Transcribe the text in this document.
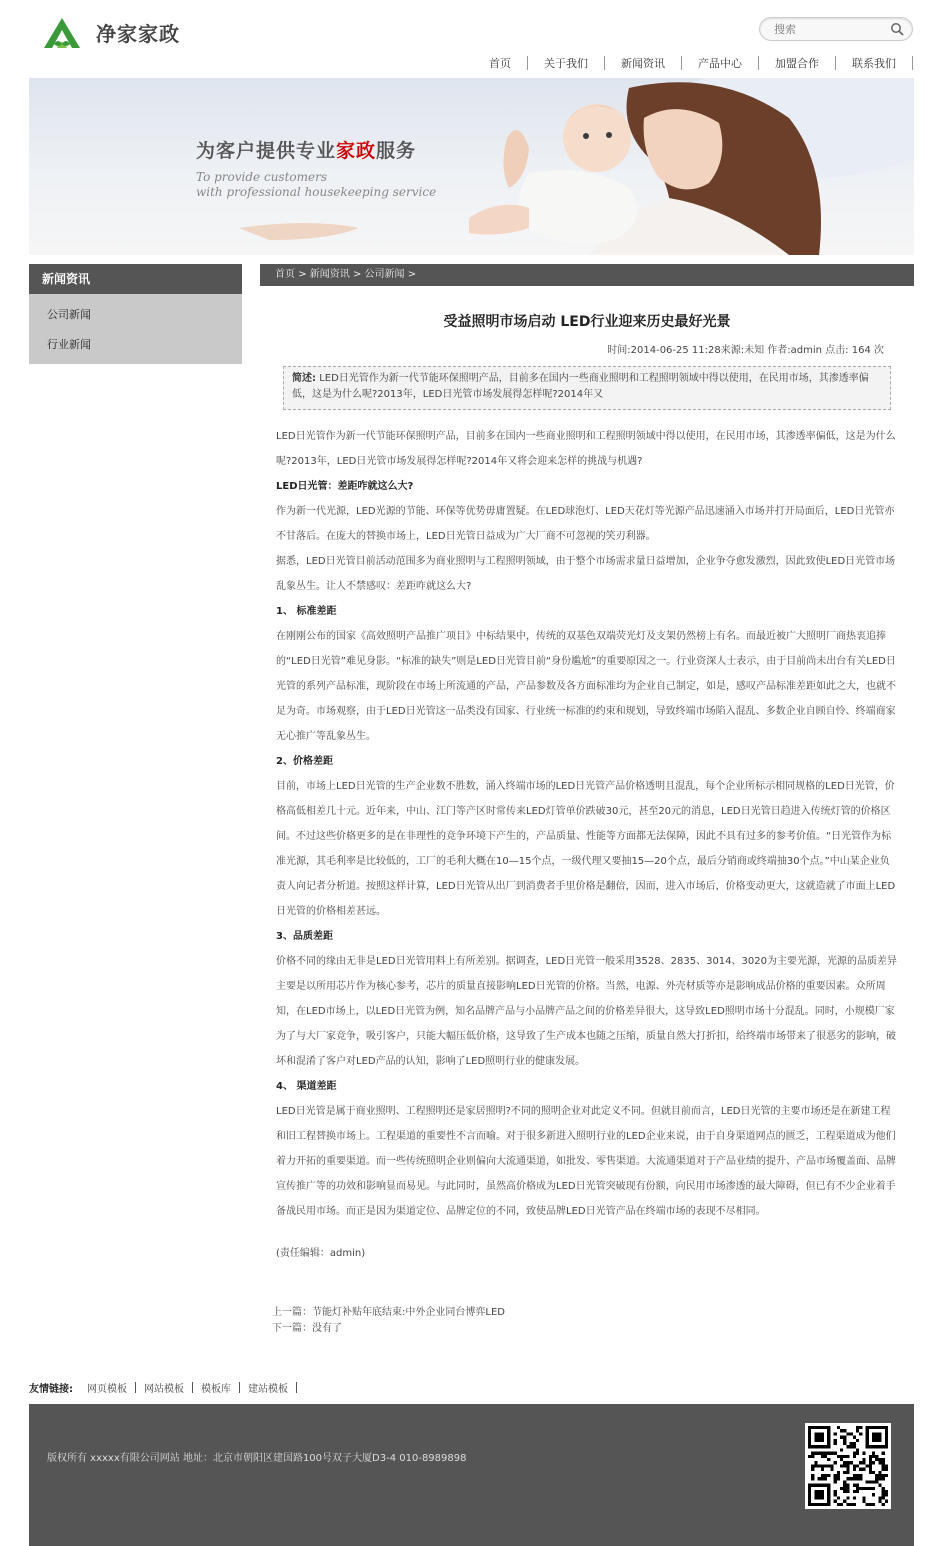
净家家政
搜索
首页	关于我们	新闻资讯	产品中心	加盟合作	联系我们
为客户提供专业家政服务
To provide customers
with professional housekeeping service
新闻资讯
公司新闻
行业新闻
首页 > 新闻资讯 > 公司新闻 >
受益照明市场启动 LED行业迎来历史最好光景
时间:2014-06-25 11:28来源:未知 作者:admin 点击: 164 次
简述: LED日光管作为新一代节能环保照明产品，目前多在国内一些商业照明和工程照明领域中得以使用，在民用市场，其渗透率偏低，这是为什么呢?2013年，LED日光管市场发展得怎样呢?2014年又

LED日光管作为新一代节能环保照明产品，目前多在国内一些商业照明和工程照明领域中得以使用，在民用市场，其渗透率偏低，这是为什么呢?2013年，LED日光管市场发展得怎样呢?2014年又将会迎来怎样的挑战与机遇?

LED日光管：差距咋就这么大?

作为新一代光源，LED光源的节能、环保等优势毋庸置疑。在LED球泡灯、LED天花灯等光源产品迅速涌入市场并打开局面后，LED日光管亦不甘落后。在庞大的替换市场上，LED日光管日益成为广大厂商不可忽视的笑刃利器。

据悉，LED日光管目前活动范围多为商业照明与工程照明领域，由于整个市场需求量日益增加，企业争夺愈发激烈，因此致使LED日光管市场乱象丛生。让人不禁感叹：差距咋就这么大?

1、 标准差距

在刚刚公布的国家《高效照明产品推广项目》中标结果中，传统的双基色双端荧光灯及支架仍然榜上有名。而最近被广大照明厂商热衷追捧的“LED日光管”难见身影。“标准的缺失”则是LED日光管目前“身份尴尬”的重要原因之一。行业资深人士表示，由于目前尚未出台有关LED日光管的系列产品标准，现阶段在市场上所流通的产品，产品参数及各方面标准均为企业自己制定，如是，感叹产品标准差距如此之大，也就不足为奇。市场观察，由于LED日光管这一品类没有国家、行业统一标准的约束和规划，导致终端市场陷入混乱、多数企业自顾自怜、终端商家无心推广等乱象丛生。

2、价格差距

目前，市场上LED日光管的生产企业数不胜数，涌入终端市场的LED日光管产品价格透明且混乱，每个企业所标示相同规格的LED日光管，价格高低相差几十元。近年来，中山、江门等产区时常传来LED灯管单价跌破30元，甚至20元的消息，LED日光管日趋进入传统灯管的价格区间。不过这些价格更多的是在非理性的竞争环境下产生的，产品质量、性能等方面都无法保障，因此不具有过多的参考价值。“日光管作为标准光源，其毛利率是比较低的，工厂的毛利大概在10—15个点，一级代理又要抽15—20个点，最后分销商或终端抽30个点。”中山某企业负责人向记者分析道。按照这样计算，LED日光管从出厂到消费者手里价格是翻倍，因而，进入市场后，价格变动更大，这就造就了市面上LED日光管的价格相差甚远。

3、品质差距

价格不同的缘由无非是LED日光管用料上有所差别。据调查，LED日光管一般采用3528、2835、3014、3020为主要光源，光源的品质差异主要是以所用芯片作为核心参考，芯片的质量直接影响LED日光管的价格。当然，电源、外壳材质等亦是影响成品价格的重要因素。众所周知，在LED市场上，以LED日光管为例，知名品牌产品与小品牌产品之间的价格差异很大，这导致LED照明市场十分混乱。同时，小规模厂家为了与大厂家竞争，吸引客户，只能大幅压低价格，这导致了生产成本也随之压缩，质量自然大打折扣，给终端市场带来了很恶劣的影响，破坏和混淆了客户对LED产品的认知，影响了LED照明行业的健康发展。

4、 渠道差距

LED日光管是属于商业照明、工程照明还是家居照明?不同的照明企业对此定义不同。但就目前而言，LED日光管的主要市场还是在新建工程和旧工程替换市场上。工程渠道的重要性不言而喻。对于很多新进入照明行业的LED企业来说，由于自身渠道网点的匮乏，工程渠道成为他们着力开拓的重要渠道。而一些传统照明企业则偏向大流通渠道，如批发、零售渠道。大流通渠道对于产品业绩的提升、产品市场覆盖面、品牌宣传推广等的功效和影响显而易见。与此同时，虽然高价格成为LED日光管突破现有份额，向民用市场渗透的最大障碍，但已有不少企业着手备战民用市场。而正是因为渠道定位、品牌定位的不同，致使品牌LED日光管产品在终端市场的表现不尽相同。

(责任编辑：admin)
上一篇：节能灯补贴年底结束:中外企业同台博弈LED
下一篇：没有了
友情链接:	网页模板	网站模板	模板库	建站模板
版权所有 xxxxx有限公司网站 地址：北京市朝阳区建国路100号双子大厦D3-4 010-8989898
